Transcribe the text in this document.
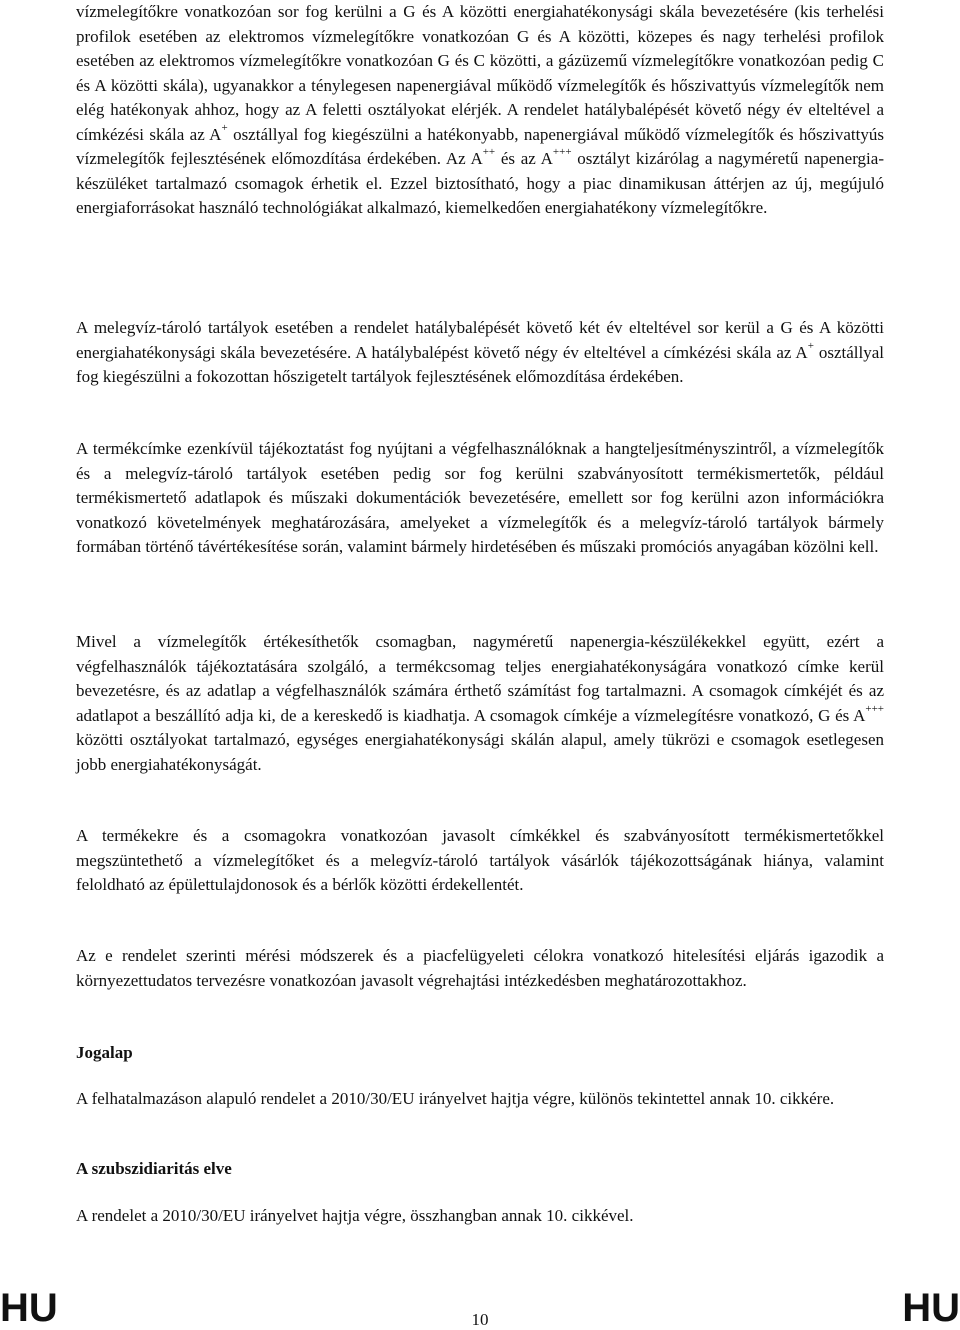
vízmelegítőkre vonatkozóan sor fog kerülni a G és A közötti energiahatékonysági skála bevezetésére (kis terhelési profilok esetében az elektromos vízmelegítőkre vonatkozóan G és A közötti, közepes és nagy terhelési profilok esetében az elektromos vízmelegítőkre vonatkozóan G és C közötti, a gázüzemű vízmelegítőkre vonatkozóan pedig C és A közötti skála), ugyanakkor a ténylegesen napenergiával működő vízmelegítők és hőszivattyús vízmelegítők nem elég hatékonyak ahhoz, hogy az A feletti osztályokat elérjék. A rendelet hatálybalépését követő négy év elteltével a címkézési skála az A+ osztállyal fog kiegészülni a hatékonyabb, napenergiával működő vízmelegítők és hőszivattyús vízmelegítők fejlesztésének előmozdítása érdekében. Az A++ és az A+++ osztályt kizárólag a nagyméretű napenergia-készüléket tartalmazó csomagok érhetik el. Ezzel biztosítható, hogy a piac dinamikusan áttérjen az új, megújuló energiaforrásokat használó technológiákat alkalmazó, kiemelkedően energiahatékony vízmelegítőkre.

A melegvíz-tároló tartályok esetében a rendelet hatálybalépését követő két év elteltével sor kerül a G és A közötti energiahatékonysági skála bevezetésére. A hatálybalépést követő négy év elteltével a címkézési skála az A+ osztállyal fog kiegészülni a fokozottan hőszigetelt tartályok fejlesztésének előmozdítása érdekében.

A termékcímke ezenkívül tájékoztatást fog nyújtani a végfelhasználóknak a hangteljesítményszintről, a vízmelegítők és a melegvíz-tároló tartályok esetében pedig sor fog kerülni szabványosított termékismertetők, például termékismertető adatlapok és műszaki dokumentációk bevezetésére, emellett sor fog kerülni azon információkra vonatkozó követelmények meghatározására, amelyeket a vízmelegítők és a melegvíz-tároló tartályok bármely formában történő távértékesítése során, valamint bármely hirdetésében és műszaki promóciós anyagában közölni kell.

Mivel a vízmelegítők értékesíthetők csomagban, nagyméretű napenergia-készülékekkel együtt, ezért a végfelhasználók tájékoztatására szolgáló, a termékcsomag teljes energiahatékonyságára vonatkozó címke kerül bevezetésre, és az adatlap a végfelhasználók számára érthető számítást fog tartalmazni. A csomagok címkéjét és az adatlapot a beszállító adja ki, de a kereskedő is kiadhatja. A csomagok címkéje a vízmelegítésre vonatkozó, G és A+++ közötti osztályokat tartalmazó, egységes energiahatékonysági skálán alapul, amely tükrözi e csomagok esetlegesen jobb energiahatékonyságát.

A termékekre és a csomagokra vonatkozóan javasolt címkékkel és szabványosított termékismertetőkkel megszüntethető a vízmelegítőket és a melegvíz-tároló tartályok vásárlók tájékozottságának hiánya, valamint feloldható az épülettulajdonosok és a bérlők közötti érdekellentét.

Az e rendelet szerinti mérési módszerek és a piacfelügyeleti célokra vonatkozó hitelesítési eljárás igazodik a környezettudatos tervezésre vonatkozóan javasolt végrehajtási intézkedésben meghatározottakhoz.

Jogalap

A felhatalmazáson alapuló rendelet a 2010/30/EU irányelvet hajtja végre, különös tekintettel annak 10. cikkére.

A szubszidiaritás elve

A rendelet a 2010/30/EU irányelvet hajtja végre, összhangban annak 10. cikkével.

HU	10	HU
